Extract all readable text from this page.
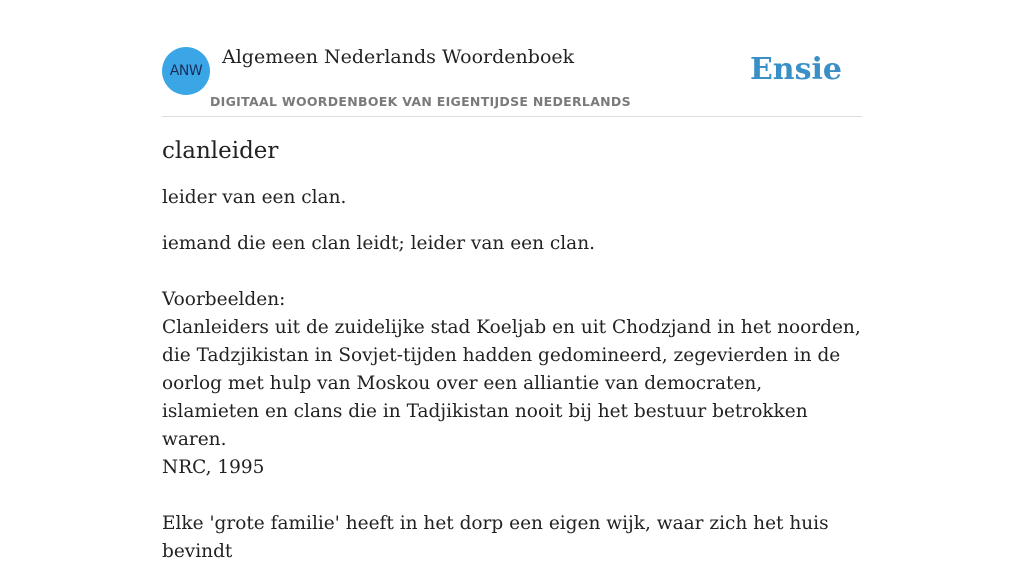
ANW
Algemeen Nederlands Woordenboek
DIGITAAL WOORDENBOEK VAN EIGENTIJDSE NEDERLANDS
Ensie
clanleider

leider van een clan.

iemand die een clan leidt; leider van een clan.
Voorbeelden:
Clanleiders uit de zuidelijke stad Koeljab en uit Chodzjand in het noorden, die Tadzjikistan in Sovjet-tijden hadden gedomineerd, zegevierden in de oorlog met hulp van Moskou over een alliantie van democraten, islamieten en clans die in Tadjikistan nooit bij het bestuur betrokken waren.
NRC, 1995
Elke 'grote familie' heeft in het dorp een eigen wijk, waar zich het huis bevindt
